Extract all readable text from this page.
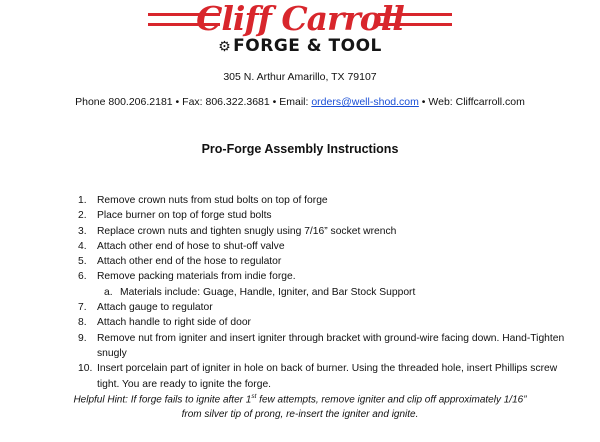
Cliff Carroll
⚙ FORGE & TOOL
305 N. Arthur Amarillo, TX 79107
Phone 800.206.2181 • Fax: 806.322.3681 • Email: orders@well-shod.com • Web: Cliffcarroll.com
Pro-Forge Assembly Instructions
1.	Remove crown nuts from stud bolts on top of forge
2.	Place burner on top of forge stud bolts
3.	Replace crown nuts and tighten snugly using 7/16” socket wrench
4.	Attach other end of hose to shut-off valve
5.	Attach other end of the hose to regulator
6.	Remove packing materials from indie forge.
a. Materials include: Guage, Handle, Igniter, and Bar Stock Support
7.	Attach gauge to regulator
8.	Attach handle to right side of door
9.	Remove nut from igniter and insert igniter through bracket with ground-wire facing down. Hand-Tighten snugly
10. Insert porcelain part of igniter in hole on back of burner. Using the threaded hole, insert Phillips screw tight. You are ready to ignite the forge.
Helpful Hint: If forge fails to ignite after 1st few attempts, remove igniter and clip off approximately 1/16”
from silver tip of prong, re-insert the igniter and ignite.
